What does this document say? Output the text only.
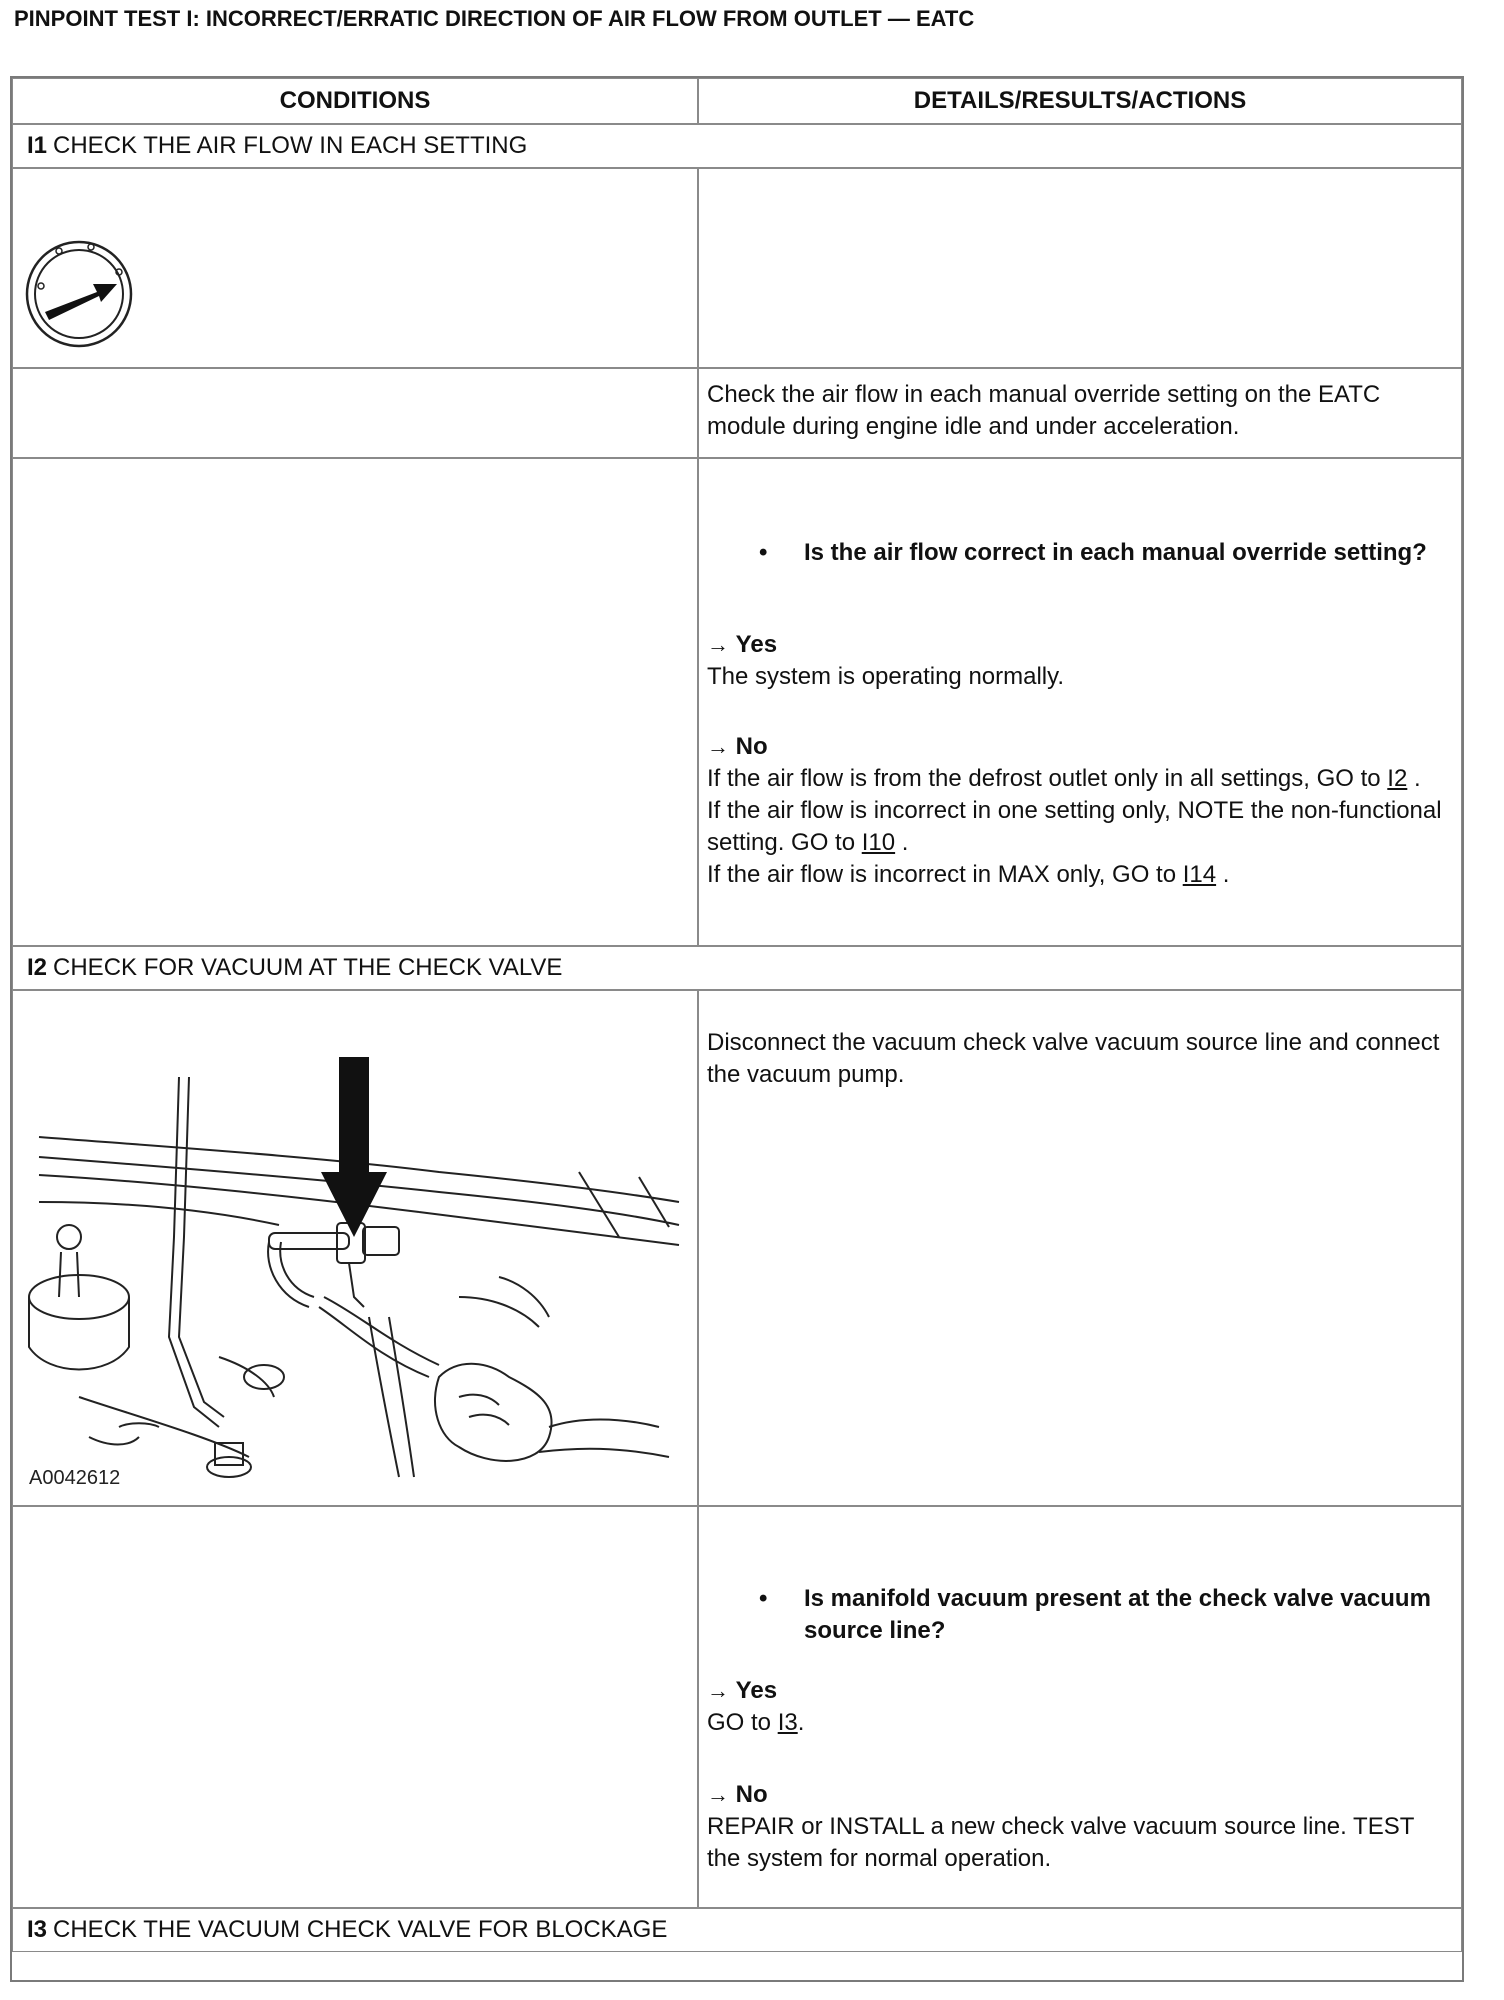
PINPOINT TEST I: INCORRECT/ERRATIC DIRECTION OF AIR FLOW FROM OUTLET — EATC
CONDITIONS	DETAILS/RESULTS/ACTIONS
I1 CHECK THE AIR FLOW IN EACH SETTING
Check the air flow in each manual override setting on the EATC module during engine idle and under acceleration.
• Is the air flow correct in each manual override setting?
→ Yes
The system is operating normally.
→ No
If the air flow is from the defrost outlet only in all settings, GO to I2 .
If the air flow is incorrect in one setting only, NOTE the non-functional setting. GO to I10 .
If the air flow is incorrect in MAX only, GO to I14 .
I2 CHECK FOR VACUUM AT THE CHECK VALVE
A0042612
Disconnect the vacuum check valve vacuum source line and connect the vacuum pump.
• Is manifold vacuum present at the check valve vacuum source line?
→ Yes
GO to I3.
→ No
REPAIR or INSTALL a new check valve vacuum source line. TEST the system for normal operation.
I3 CHECK THE VACUUM CHECK VALVE FOR BLOCKAGE
